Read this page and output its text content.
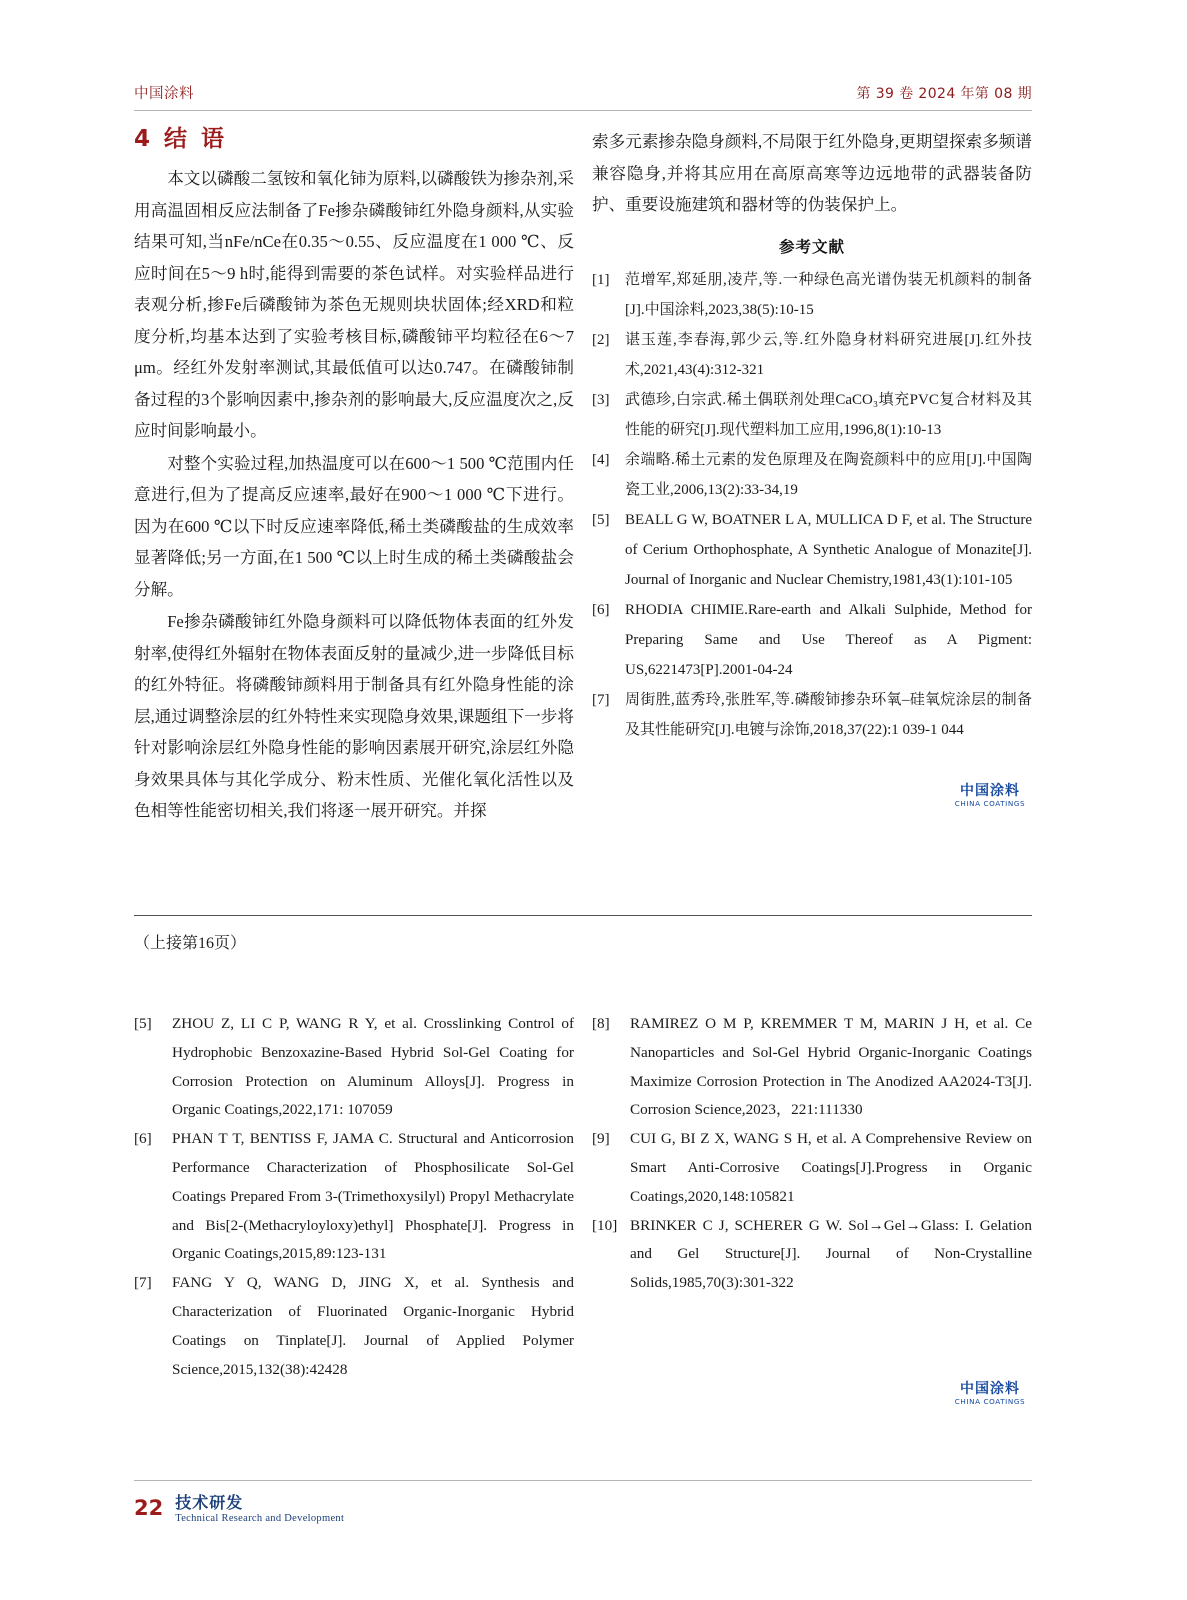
中国涂料	第 39 卷 2024 年第 08 期
4 结 语

本文以磷酸二氢铵和氧化铈为原料,以磷酸铁为掺杂剂,采用高温固相反应法制备了Fe掺杂磷酸铈红外隐身颜料,从实验结果可知,当nFe/nCe在0.35～0.55、反应温度在1 000 ℃、反应时间在5～9 h时,能得到需要的茶色试样。对实验样品进行表观分析,掺Fe后磷酸铈为茶色无规则块状固体;经XRD和粒度分析,均基本达到了实验考核目标,磷酸铈平均粒径在6～7 μm。经红外发射率测试,其最低值可以达0.747。在磷酸铈制备过程的3个影响因素中,掺杂剂的影响最大,反应温度次之,反应时间影响最小。

对整个实验过程,加热温度可以在600～1 500 ℃范围内任意进行,但为了提高反应速率,最好在900～1 000 ℃下进行。因为在600 ℃以下时反应速率降低,稀土类磷酸盐的生成效率显著降低;另一方面,在1 500 ℃以上时生成的稀土类磷酸盐会分解。

Fe掺杂磷酸铈红外隐身颜料可以降低物体表面的红外发射率,使得红外辐射在物体表面反射的量减少,进一步降低目标的红外特征。将磷酸铈颜料用于制备具有红外隐身性能的涂层,通过调整涂层的红外特性来实现隐身效果,课题组下一步将针对影响涂层红外隐身性能的影响因素展开研究,涂层红外隐身效果具体与其化学成分、粉末性质、光催化氧化活性以及色相等性能密切相关,我们将逐一展开研究。并探

索多元素掺杂隐身颜料,不局限于红外隐身,更期望探索多频谱兼容隐身,并将其应用在高原高寒等边远地带的武器装备防护、重要设施建筑和器材等的伪装保护上。

参考文献
[1]	范增军,郑延朋,凌芹,等.一种绿色高光谱伪装无机颜料的制备[J].中国涂料,2023,38(5):10-15
[2]	谌玉莲,李春海,郭少云,等.红外隐身材料研究进展[J].红外技术,2021,43(4):312-321
[3]	武德珍,白宗武.稀土偶联剂处理CaCO₃填充PVC复合材料及其性能的研究[J].现代塑料加工应用,1996,8(1):10-13
[4]	余端略.稀土元素的发色原理及在陶瓷颜料中的应用[J].中国陶瓷工业,2006,13(2):33-34,19
[5]	BEALL G W, BOATNER L A, MULLICA D F, et al. The Structure of Cerium Orthophosphate, A Synthetic Analogue of Monazite[J]. Journal of Inorganic and Nuclear Chemistry,1981,43(1):101-105
[6]	RHODIA CHIMIE.Rare-earth and Alkali Sulphide, Method for Preparing Same and Use Thereof as A Pigment: US,6221473[P].2001-04-24
[7]	周街胜,蓝秀玲,张胜军,等.磷酸铈掺杂环氧–硅氧烷涂层的制备及其性能研究[J].电镀与涂饰,2018,37(22):1 039-1 044
中国涂料
CHINA COATINGS
（上接第16页）
[5]	ZHOU Z, LI C P, WANG R Y, et al. Crosslinking Control of Hydrophobic Benzoxazine-Based Hybrid Sol-Gel Coating for Corrosion Protection on Aluminum Alloys[J]. Progress in Organic Coatings,2022,171: 107059
[6]	PHAN T T, BENTISS F, JAMA C. Structural and Anticorrosion Performance Characterization of Phosphosilicate Sol-Gel Coatings Prepared From 3-(Trimethoxysilyl) Propyl Methacrylate and Bis[2-(Methacryloyloxy)ethyl] Phosphate[J]. Progress in Organic Coatings,2015,89:123-131
[7]	FANG Y Q, WANG D, JING X, et al. Synthesis and Characterization of Fluorinated Organic-Inorganic Hybrid Coatings on Tinplate[J]. Journal of Applied Polymer Science,2015,132(38):42428
[8]	RAMIREZ O M P, KREMMER T M, MARIN J H, et al. Ce Nanoparticles and Sol-Gel Hybrid Organic-Inorganic Coatings Maximize Corrosion Protection in The Anodized AA2024-T3[J]. Corrosion Science,2023，221:111330
[9]	CUI G, BI Z X, WANG S H, et al. A Comprehensive Review on Smart Anti-Corrosive Coatings[J].Progress in Organic Coatings,2020,148:105821
[10] BRINKER C J, SCHERER G W. Sol→Gel→Glass: I. Gelation and Gel Structure[J]. Journal of Non-Crystalline Solids,1985,70(3):301-322
中国涂料
CHINA COATINGS
22 技术研发
Technical Research and Development
